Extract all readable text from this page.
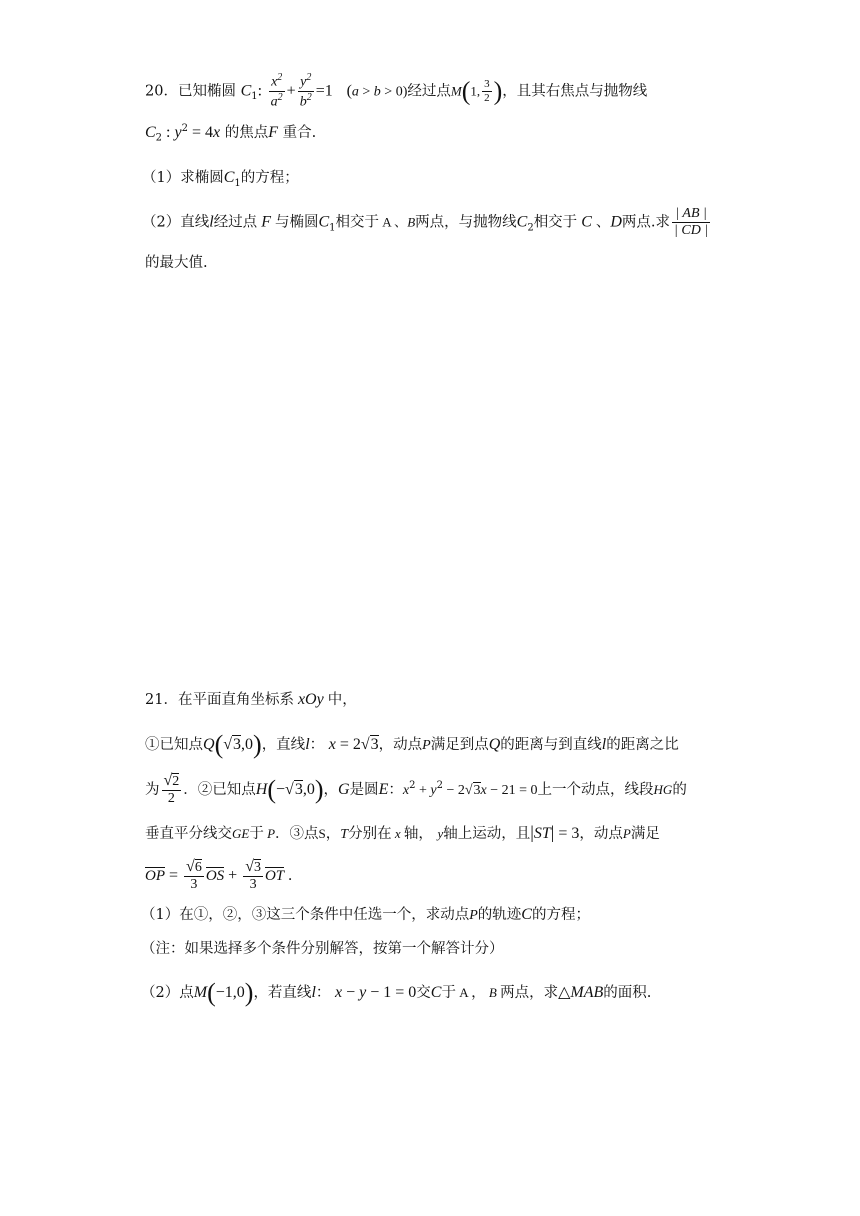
20．已知椭圆 $C_1$: $\frac{x^2}{a^2} + \frac{y^2}{b^2} =1$ (a > b > 0)经过点M(1, $\frac{3}{2}$ )，且其右焦点与抛物线
$C_2$ : $y^2 = 4x$ 的焦点F 重合.
（1）求椭圆$C_1$的方程；
（2）直线l经过点 F 与椭圆$C_1$相交于 A 、B两点，与抛物线$C_2$相交于 C 、D两点.求 $\frac{| AB |}{| CD |}$
的最大值.
21．在平面直角坐标系 xOy 中，
①已知点Q(√3,0)，直线l： x = 2√3，动点P满足到点Q的距离与到直线l的距离之比
为 $\frac{√2}{2}$ ．②已知点H(−√3,0)，G是圆E：$x^2 + y^2 - 2√3x - 21 = 0$上一个动点，线段HG的
垂直平分线交GE于 P．③点S，T分别在 x 轴， y轴上运动，且|ST| = 3，动点P满足
OP = $\frac{√6}{3}$ OS + $\frac{√3}{3}$ OT .
（1）在①，②，③这三个条件中任选一个，求动点P的轨迹C的方程；
（注：如果选择多个条件分别解答，按第一个解答计分）
（2）点M(−1,0)，若直线l： x − y − 1 = 0交C于 A ， B 两点，求△MAB的面积.
